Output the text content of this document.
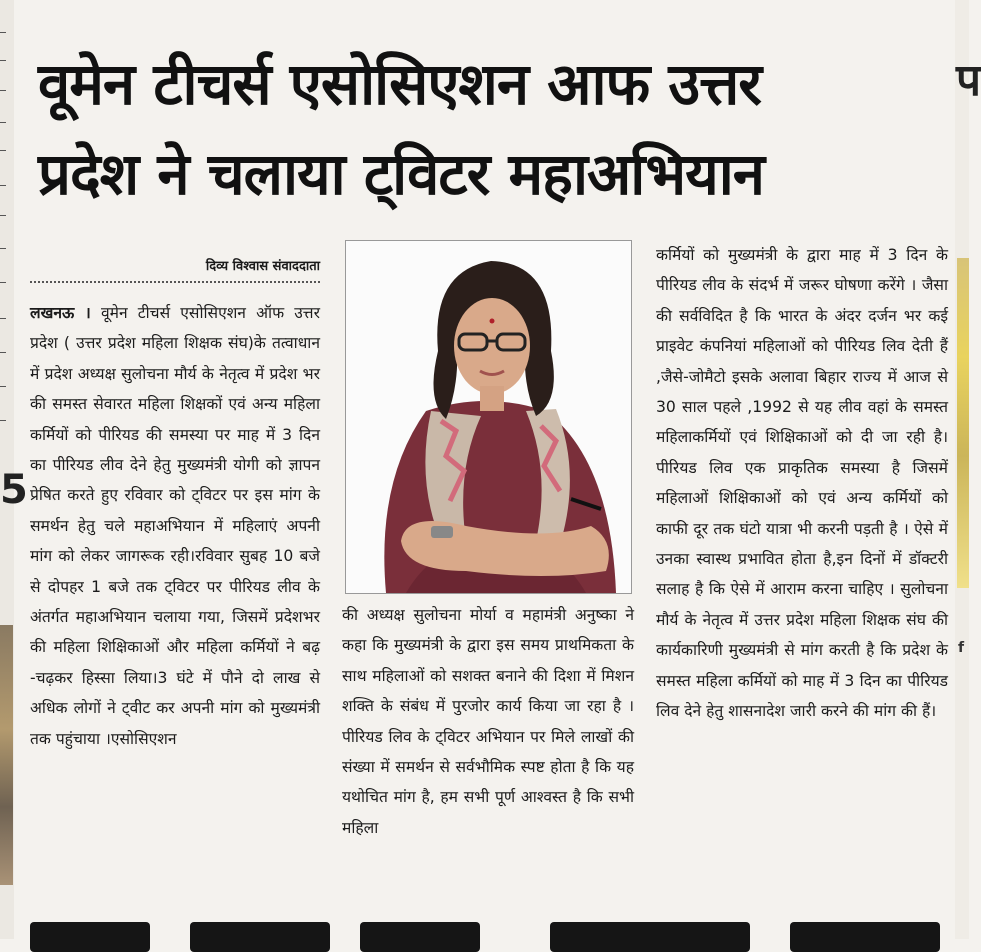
5
वूमेन टीचर्स एसोसिएशन आफ उत्तर
प्रदेश ने चलाया ट्विटर महाअभियान
दिव्य विश्वास संवाददाता

लखनऊ । वूमेन टीचर्स एसोसिएशन ऑफ उत्तर प्रदेश ( उत्तर प्रदेश महिला शिक्षक संघ)के तत्वाधान में प्रदेश अध्यक्ष सुलोचना मौर्य के नेतृत्व में प्रदेश भर की समस्त सेवारत महिला शिक्षकों एवं अन्य महिला कर्मियों को पीरियड की समस्या पर माह में 3 दिन का पीरियड लीव देने हेतु मुख्यमंत्री योगी को ज्ञापन प्रेषित करते हुए रविवार को ट्विटर पर इस मांग के समर्थन हेतु चले महाअभियान में महिलाएं अपनी मांग को लेकर जागरूक रही।रविवार सुबह 10 बजे से दोपहर 1 बजे तक ट्विटर पर पीरियड लीव के अंतर्गत महाअभियान चलाया गया, जिसमें प्रदेशभर की महिला शिक्षिकाओं और महिला कर्मियों ने बढ़ -चढ़कर हिस्सा लिया।3 घंटे में पौने दो लाख से अधिक लोगों ने ट्वीट कर अपनी मांग को मुख्यमंत्री तक पहुंचाया ।एसोसिएशन

की अध्यक्ष सुलोचना मोर्या व महामंत्री अनुष्का ने कहा कि मुख्यमंत्री के द्वारा इस समय प्राथमिकता के साथ महिलाओं को सशक्त बनाने की दिशा में मिशन शक्ति के संबंध में पुरजोर कार्य किया जा रहा है । पीरियड लिव के ट्विटर अभियान पर मिले लाखों की संख्या में समर्थन से सर्वभौमिक स्पष्ट होता है कि यह यथोचित मांग है, हम सभी पूर्ण आश्वस्त है कि सभी महिला

कर्मियों को मुख्यमंत्री के द्वारा माह में 3 दिन के पीरियड लीव के संदर्भ में जरूर घोषणा करेंगे । जैसा की सर्वविदित है कि भारत के अंदर दर्जन भर कई प्राइवेट कंपनियां महिलाओं को पीरियड लिव देती हैं ,जैसे-जोमैटो इसके अलावा बिहार राज्य में आज से 30 साल पहले ,1992 से यह लीव वहां के समस्त महिलाकर्मियों एवं शिक्षिकाओं को दी जा रही है।पीरियड लिव एक प्राकृतिक समस्या है जिसमें महिलाओं शिक्षिकाओं को एवं अन्य कर्मियों को काफी दूर तक घंटो यात्रा भी करनी पड़ती है । ऐसे में उनका स्वास्थ प्रभावित होता है,इन दिनों में डॉक्टरी सलाह है कि ऐसे में आराम करना चाहिए । सुलोचना मौर्य के नेतृत्व में उत्तर प्रदेश महिला शिक्षक संघ की कार्यकारिणी मुख्यमंत्री से मांग करती है कि प्रदेश के समस्त महिला कर्मियों को माह में 3 दिन का पीरियड लिव देने हेतु शासनादेश जारी करने की मांग की हैं।

प
f
